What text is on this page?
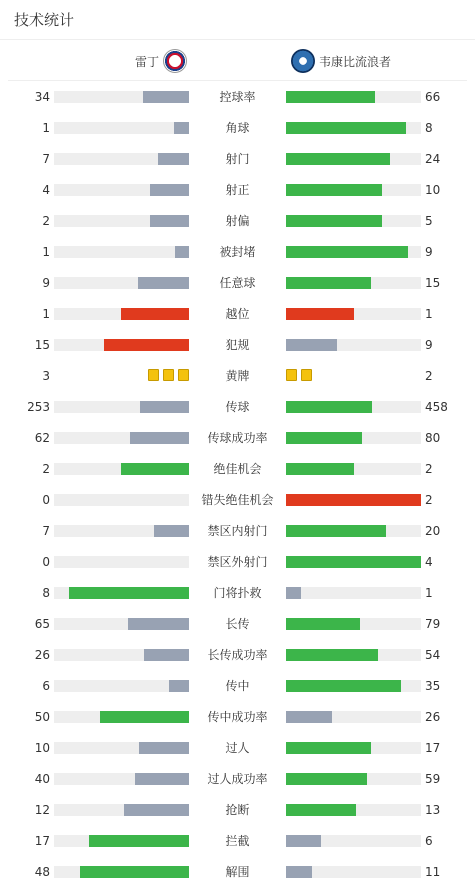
技术统计
雷丁	韦康比流浪者
34	控球率	66
1	角球	8
7	射门	24
4	射正	10
2	射偏	5
1	被封堵	9
9	任意球	15
1	越位	1
15	犯规	9
3	黄牌	2
253	传球	458
62	传球成功率	80
2	绝佳机会	2
0	错失绝佳机会	2
7	禁区内射门	20
0	禁区外射门	4
8	门将扑救	1
65	长传	79
26	长传成功率	54
6	传中	35
50	传中成功率	26
10	过人	17
40	过人成功率	59
12	抢断	13
17	拦截	6
48	解围	11
